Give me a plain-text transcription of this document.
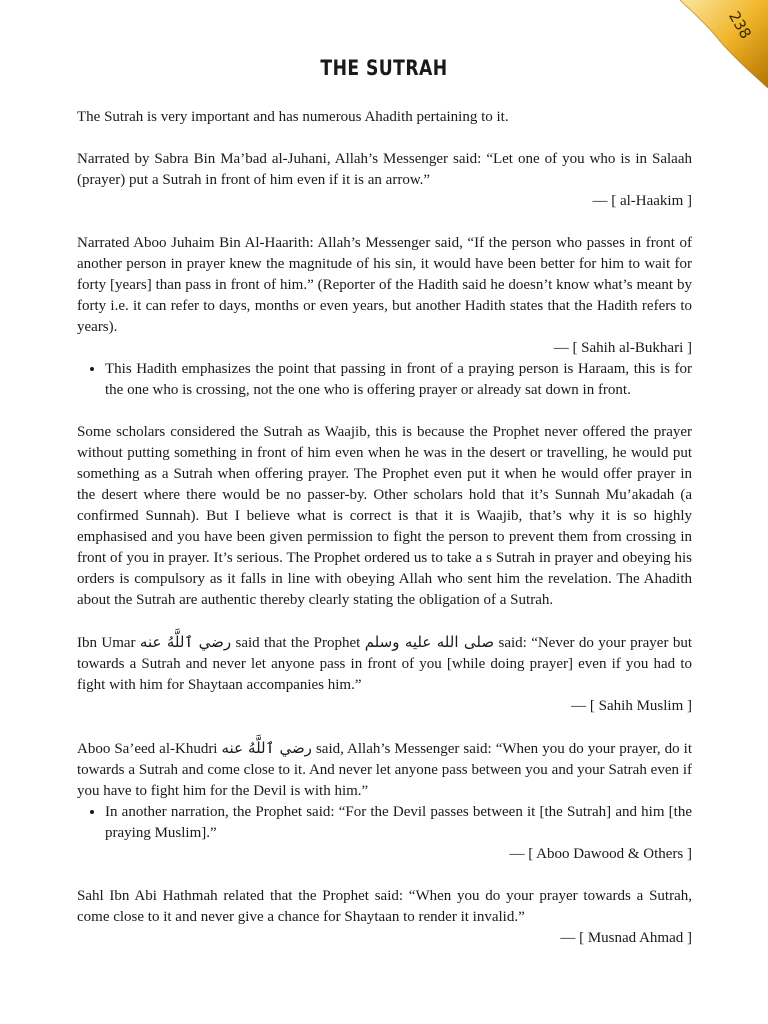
238
THE SUTRAH

The Sutrah is very important and has numerous Ahadith pertaining to it.

Narrated by Sabra Bin Ma’bad al-Juhani, Allah’s Messenger said: “Let one of you who is in Salaah (prayer) put a Sutrah in front of him even if it is an arrow.”

— [ al-Haakim ]

Narrated Aboo Juhaim Bin Al-Haarith: Allah’s Messenger said, “If the person who passes in front of another person in prayer knew the magnitude of his sin, it would have been better for him to wait for forty [years] than pass in front of him.” (Reporter of the Hadith said he doesn’t know what’s meant by forty i.e. it can refer to days, months or even years, but another Hadith states that the Hadith refers to years).

— [ Sahih al-Bukhari ]

• This Hadith emphasizes the point that passing in front of a praying person is Haraam, this is for the one who is crossing, not the one who is offering prayer or already sat down in front.

Some scholars considered the Sutrah as Waajib, this is because the Prophet never offered the prayer without putting something in front of him even when he was in the desert or travelling, he would put something as a Sutrah when offering prayer. The Prophet even put it when he would offer prayer in the desert where there would be no passer-by. Other scholars hold that it’s Sunnah Mu’akadah (a confirmed Sunnah). But I believe what is correct is that it is Waajib, that’s why it is so highly emphasised and you have been given permission to fight the person to prevent them from crossing in front of you in prayer. It’s serious. The Prophet ordered us to take a s Sutrah in prayer and obeying his orders is compulsory as it falls in line with obeying Allah who sent him the revelation. The Ahadith about the Sutrah are authentic thereby clearly stating the obligation of a Sutrah.

Ibn Umar رضي ٱللَّهُ عنه said that the Prophet صلى الله عليه وسلم said: “Never do your prayer but towards a Sutrah and never let anyone pass in front of you [while doing prayer] even if you had to fight with him for Shaytaan accompanies him.”

— [ Sahih Muslim ]

Aboo Sa’eed al-Khudri رضي ٱللَّهُ عنه said, Allah’s Messenger said: “When you do your prayer, do it towards a Sutrah and come close to it. And never let anyone pass between you and your Satrah even if you have to fight him for the Devil is with him.”

• In another narration, the Prophet said: “For the Devil passes between it [the Sutrah] and him [the praying Muslim].”

— [ Aboo Dawood & Others ]

Sahl Ibn Abi Hathmah related that the Prophet said: “When you do your prayer towards a Sutrah, come close to it and never give a chance for Shaytaan to render it invalid.”

— [ Musnad Ahmad ]
